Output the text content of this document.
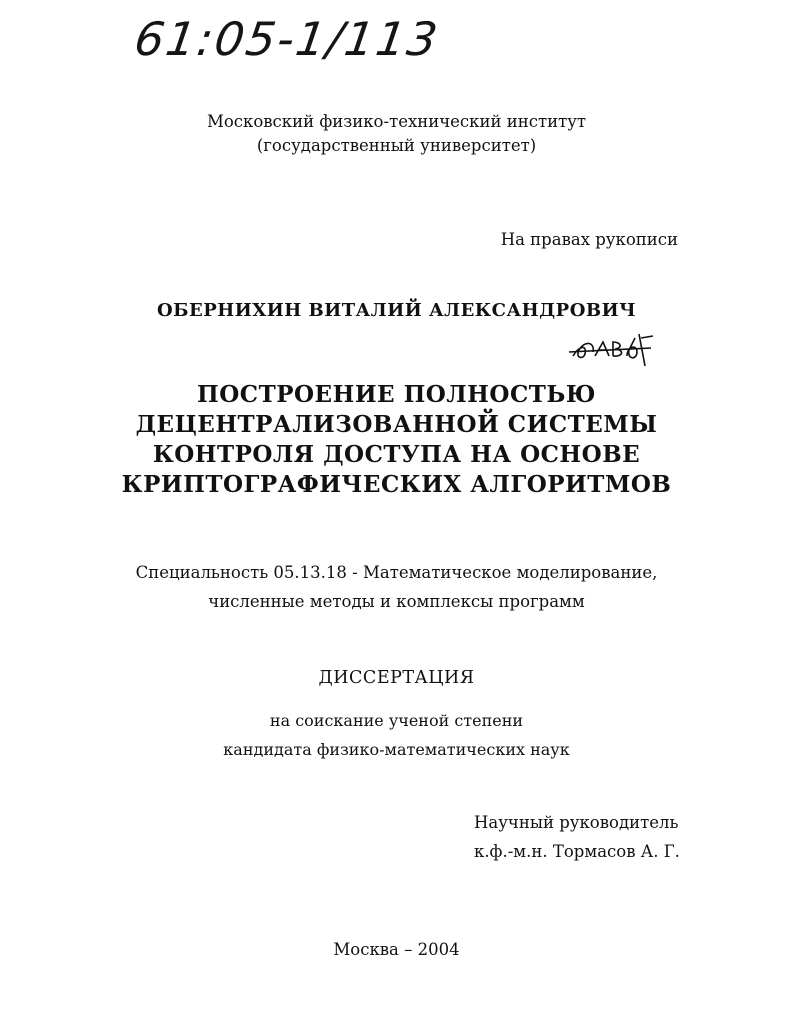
61:05-1/113
Московский физико-технический институт
(государственный университет)
На правах рукописи
ОБЕРНИХИН ВИТАЛИЙ АЛЕКСАНДРОВИЧ
ПОСТРОЕНИЕ ПОЛНОСТЬЮ
ДЕЦЕНТРАЛИЗОВАННОЙ СИСТЕМЫ
КОНТРОЛЯ ДОСТУПА НА ОСНОВЕ
КРИПТОГРАФИЧЕСКИХ АЛГОРИТМОВ
Специальность 05.13.18 - Математическое моделирование,
численные методы и комплексы программ
ДИССЕРТАЦИЯ
на соискание ученой степени
кандидата физико-математических наук
Научный руководитель
к.ф.-м.н. Тормасов А. Г.
Москва – 2004
